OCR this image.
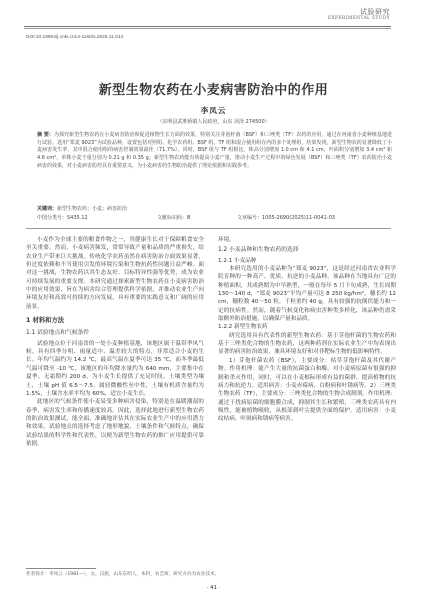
试验研究
EXPERIMENTAL STUDY
DOI:10.19904/j.cnki.cn14-1160/s.2025.11.014
新型生物农药在小麦病害防治中的作用
李凤云
（东明县武胜桥镇人民政府，山东 菏泽 274500）
摘 要：为探究新型生物农药在小麦病害防治和促进植物生长方面的效果，特别关注芽孢杆菌（BSF）和三唑类（TF）农药的应用，通过在河南省小麦种植基地进行试验。选用“郑麦 9023”为试验品种，设置包括对照组、化学农药组、BSF 组、TF 组和混合使用组在内的多个处理组，结果发现，新型生物农药显著降低了小麦病害发生率，其中混合使用组的病害控制效果最佳（71.7%）。同时，BSF 组与 TF 组相比，株高分别增加 1.0 cm 和 4.1 cm，叶面积分别增加 3.4 cm² 和 4.6 cm²，单株小麦干重分别为 0.21 g 和 0.35 g。新型生物农药能有效提高小麦产量，推动小麦生产过程中的绿色发展（BSF）和三唑类（TF）农药防治小麦病害的效果，对小麦病害防控具有重要意义，为小麦病害的生物防治提供了理论依据和实践参考。
关键词：新型生物农药；小麦；病害防治
中图分类号：S435.12	文献标识码：B	文章编号：1005-2690(2025)11-0041-03

小麦作为全球主要的粮食作物之一，其健康生长对于保障粮食安全至关重要。然而，小麦病害频发，常常导致产量和品质的严重损失，给农业生产带来巨大挑战。传统化学农药虽然在病害防治方面效果显著，但过度依赖和不当使用引发的环境污染和生物抗药性问题日益严峻。面对这一挑战，生物农药以其生态友好、目标特异性强等优势，成为农业可持续发展的重要支撑。本研究通过探索新型生物农药在小麦病害防治中的应用效果，旨在为病害综合管理提供科学依据，并推动农业生产向环境友好和高效可持续的方向发展，具有重要的实践意义和广阔的应用前景。

1 材料和方法

1.1 试验地点和气候条件

试验地点位于河南省的一处小麦种植基地，该地区属于温带季风气候，具有四季分明、雨量适中、温差较大的特点，非常适合小麦的生长。年均气温约为 14.2 ℃，最高气温在夏季可达 35 ℃，而冬季最低气温可降至 -10 ℃，该地区的年均降水量约为 640 mm，主要集中在夏季。无霜期约 200 d，为小麦生长提供了充足时间。土壤类型为壤土，土壤 pH 值 6.5～7.5，属轻微酸性至中性，土壤有机质含量约为 1.5%，土壤含水率平均为 60%，适宜小麦生长。

此地区的气候条件使小麦易受多种病害侵染，特别是在温暖潮湿的春季，病害发生率和传播速度较高。因此，选择此地进行新型生物农药的防治效果测试，能全面、准确地评估其在实际农业生产中的应用潜力和效果。试验地点的选择考虑了地形地貌、土壤条件和气候特点，确保试验结果的科学性和代表性，以便为新型生物农药的推广应用提供可靠依据。

环境。

1.2 小麦品种和生物农药的选择

1.2.1 小麦品种

本研究选用的小麦品种为“郑麦 9023”，这是经过河南省农业科学院育种的一种高产、优质、抗逆的小麦品种，该品种在当地具有广泛的种植面积，其成熟期为中早熟型，一般在每年 5 月下旬成熟，生长周期 130～140 d，“郑麦 9023”平均产量可达 8 250 kg/hm²，穗长约 12 cm，穗粒数 40～50 粒，千粒重约 40 g，具有较强的抗倒伏能力和一定的抗病性。然而，随着气候变化和病虫害种类多样化，该品种仍需采取额外防治措施，以确保产量和品质。

1.2.2 新型生物农药

研究选用具有代表性的新型生物农药：基于芽孢杆菌的生物农药和基于三唑类化合物的生物农药，这两种药剂在实际农业生产中均表现出显著的病害防治效果，兼具环境友好和对非靶标生物的低影响特性。

1）芽孢杆菌农药（BSF），主要成分：枯草芽孢杆菌及其代谢产物。作用机理：能产生大量的抗菌蛋白和酶，对小麦病原菌有很强的抑制和杀灭作用，同时，可以在小麦根际形成有益的菌群，提高植物的抗病力和抗逆力。适用病害：小麦赤霉病、白粉病和叶锈病等。2）三唑类生物农药（TF），主要成分：三唑类化合物的生物合成制剂。作用机理：通过干扰病原菌的细胞膜合成，抑制其生长和繁殖，三唑类农药具有内吸性，能被植物吸收，从根部到叶尖提供全面的保护。适用病害：小麦纹枯病、叶斑病和锈病等病害。

作者简介：李凤云（1981—），女，汉族，山东东明人，本科，农艺师，研究方向为农业技术。
· 41 ·
